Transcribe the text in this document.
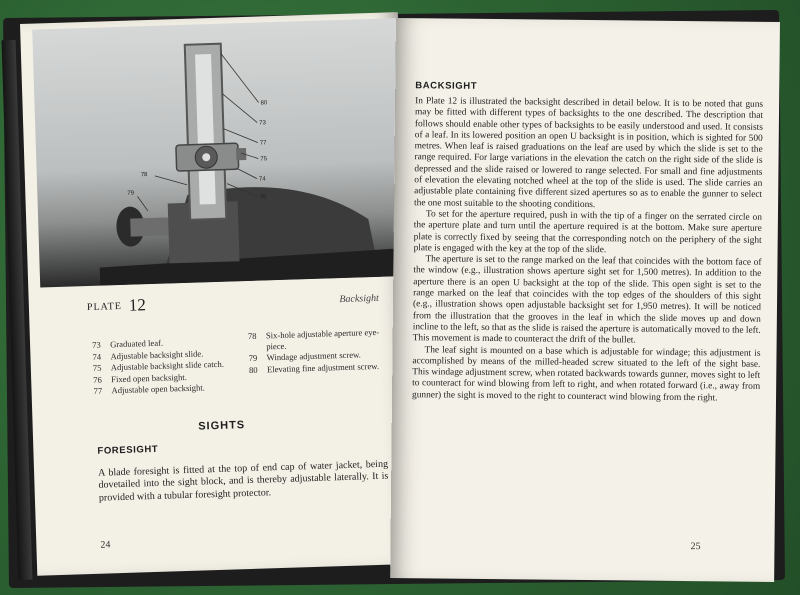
80
73
77
75
74
76
78
79
PLATE 12	Backsight
73 Graduated leaf.
74 Adjustable backsight slide.
75 Adjustable backsight slide catch.
76 Fixed open backsight.
77 Adjustable open backsight.
78 Six-hole adjustable aperture eye-piece.
79 Windage adjustment screw.
80 Elevating fine adjustment screw.
SIGHTS
FORESIGHT
A blade foresight is fitted at the top of end cap of water jacket, being dovetailed into the sight block, and is thereby adjustable laterally. It is provided with a tubular foresight protector.
24
BACKSIGHT

In Plate 12 is illustrated the backsight described in detail below. It is to be noted that guns may be fitted with different types of backsights to the one described. The description that follows should enable other types of backsights to be easily understood and used. It consists of a leaf. In its lowered position an open U backsight is in position, which is sighted for 500 metres. When leaf is raised graduations on the leaf are used by which the slide is set to the range required. For large variations in the elevation the catch on the right side of the slide is depressed and the slide raised or lowered to range selected. For small and fine adjustments of elevation the elevating notched wheel at the top of the slide is used. The slide carries an adjustable plate containing five different sized apertures so as to enable the gunner to select the one most suitable to the shooting conditions.

To set for the aperture required, push in with the tip of a finger on the serrated circle on the aperture plate and turn until the aperture required is at the bottom. Make sure aperture plate is correctly fixed by seeing that the corresponding notch on the periphery of the sight plate is engaged with the key at the top of the slide.

The aperture is set to the range marked on the leaf that coincides with the bottom face of the window (e.g., illustration shows aperture sight set for 1,500 metres). In addition to the aperture there is an open U backsight at the top of the slide. This open sight is set to the range marked on the leaf that coincides with the top edges of the shoulders of this sight (e.g., illustration shows open adjustable backsight set for 1,950 metres). It will be noticed from the illustration that the grooves in the leaf in which the slide moves up and down incline to the left, so that as the slide is raised the aperture is automatically moved to the left. This movement is made to counteract the drift of the bullet.

The leaf sight is mounted on a base which is adjustable for windage; this adjustment is accomplished by means of the milled-headed screw situated to the left of the sight base. This windage adjustment screw, when rotated backwards towards gunner, moves sight to left to counteract for wind blowing from left to right, and when rotated forward (i.e., away from gunner) the sight is moved to the right to counteract wind blowing from the right.

25
